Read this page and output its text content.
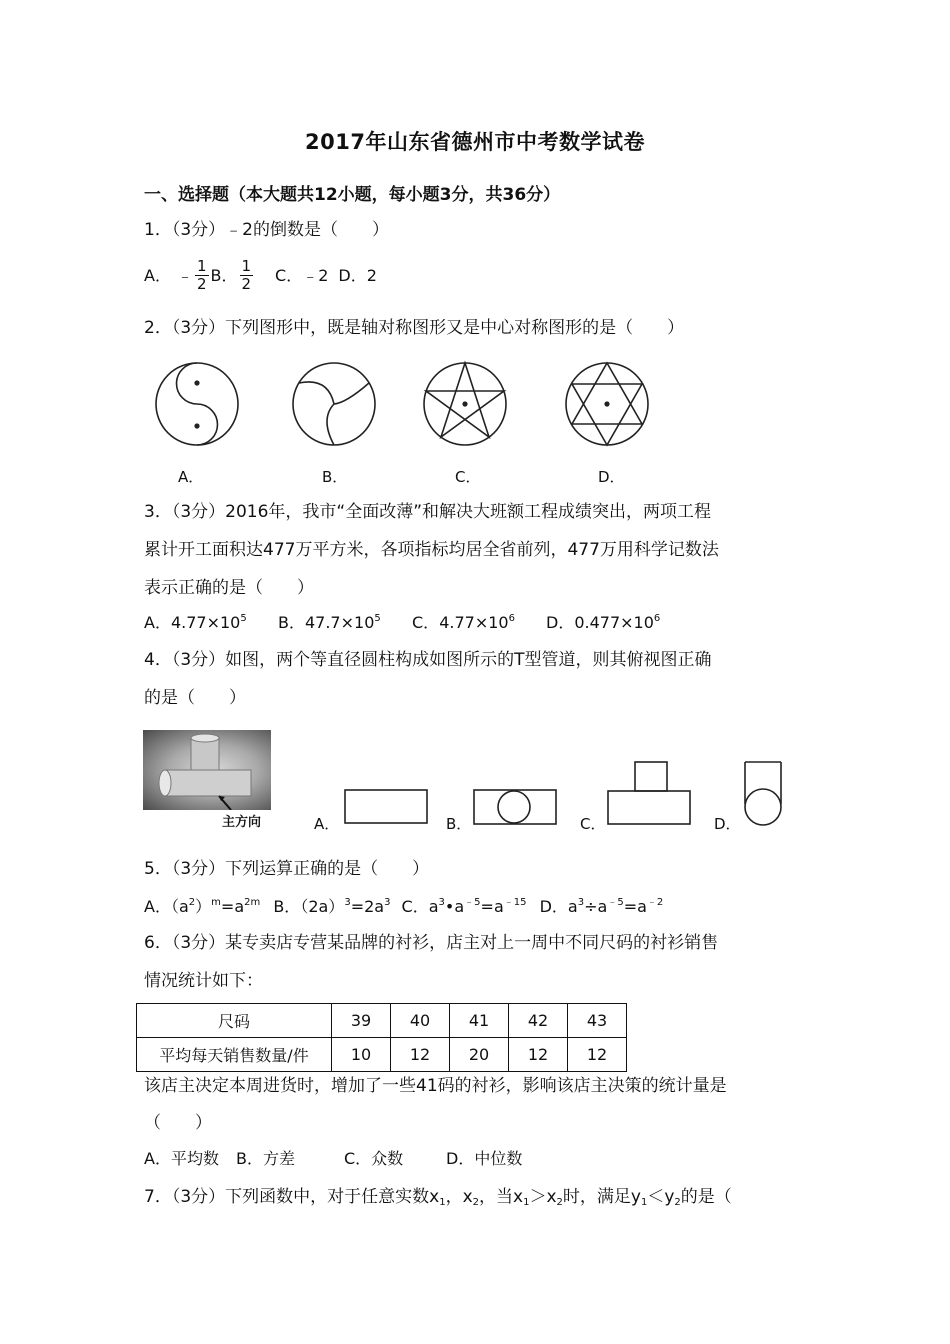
2017年山东省德州市中考数学试卷
一、选择题（本大题共12小题，每小题3分，共36分）
1．（3分）﹣2的倒数是（　　）
A． ﹣ $\frac{1}{2}$ B． $\frac{1}{2}$ C．﹣2 D．2
2．（3分）下列图形中，既是轴对称图形又是中心对称图形的是（　　）
A．	B．	C．	D．
3．（3分）2016年，我市“全面改薄”和解决大班额工程成绩突出，两项工程
累计开工面积达477万平方米，各项指标均居全省前列，477万用科学记数法
表示正确的是（　　）
A．$4.77\times 10^5$ B．$47.7\times 10^5$ C．$4.77\times 10^6$ D．$0.477\times 10^6$
4．（3分）如图，两个等直径圆柱构成如图所示的T型管道，则其俯视图正确
的是（　　）
主方向	A．	B．	C．	D．
5．（3分）下列运算正确的是（　　）
A．$(a^2)^m=a^{2m}$ B．$(2a)^3=2a^3$ C．$a^3•a^{﹣5}=a^{﹣15}$ D．$a^3\div a^{﹣5}=a^{﹣2}$
6．（3分）某专卖店专营某品牌的衬衫，店主对上一周中不同尺码的衬衫销售
情况统计如下：
尺码	39	40	41	42	43
平均每天销售数量/件	10	12	20	12	12
该店主决定本周进货时，增加了一些41码的衬衫，影响该店主决策的统计量是
（　　）
A．平均数 B．方差	C．众数	D．中位数
7．（3分）下列函数中，对于任意实数$x_1$，$x_2$，当$x_1>x_2$时，满足$y_1<y_2$的是（
